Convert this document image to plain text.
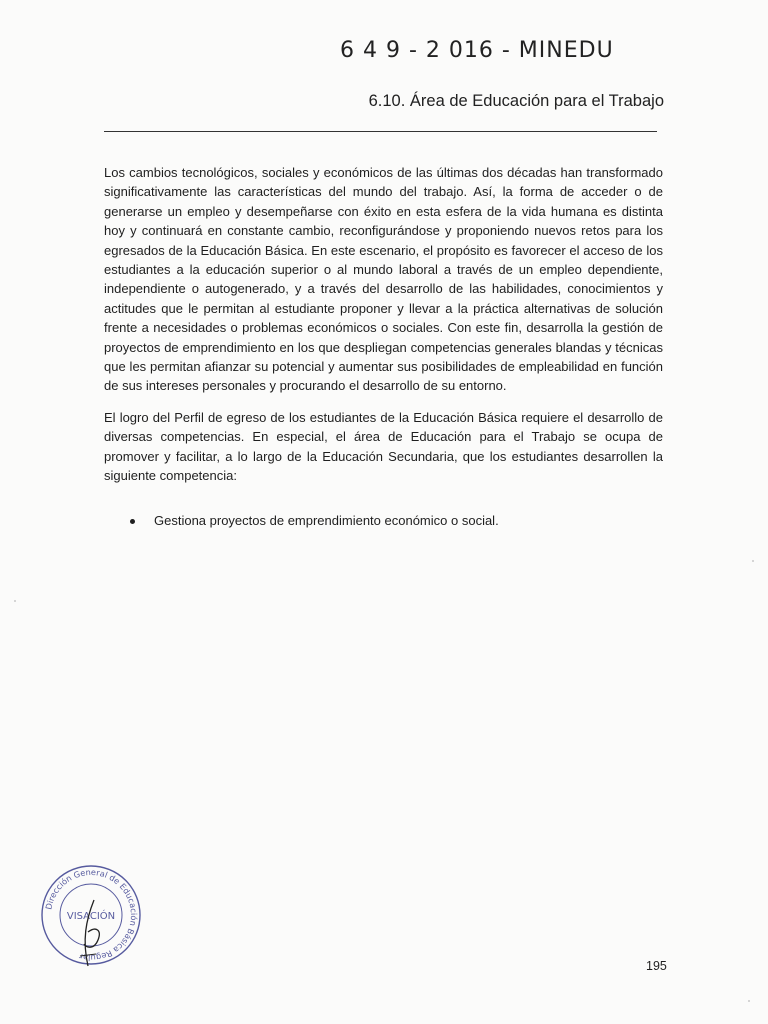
6 4 9 - 2 016 - MINEDU
6.10. Área de Educación para el Trabajo

Los cambios tecnológicos, sociales y económicos de las últimas dos décadas han transformado significativamente las características del mundo del trabajo. Así, la forma de acceder o de generarse un empleo y desempeñarse con éxito en esta esfera de la vida humana es distinta hoy y continuará en constante cambio, reconfigurándose y proponiendo nuevos retos para los egresados de la Educación Básica. En este escenario, el propósito es favorecer el acceso de los estudiantes a la educación superior o al mundo laboral a través de un empleo dependiente, independiente o autogenerado, y a través del desarrollo de las habilidades, conocimientos y actitudes que le permitan al estudiante proponer y llevar a la práctica alternativas de solución frente a necesidades o problemas económicos o sociales. Con este fin, desarrolla la gestión de proyectos de emprendimiento en los que despliegan competencias generales blandas y técnicas que les permitan afianzar su potencial y aumentar sus posibilidades de empleabilidad en función de sus intereses personales y procurando el desarrollo de su entorno.

El logro del Perfil de egreso de los estudiantes de la Educación Básica requiere el desarrollo de diversas competencias. En especial, el área de Educación para el Trabajo se ocupa de promover y facilitar, a lo largo de la Educación Secundaria, que los estudiantes desarrollen la siguiente competencia:

Gestiona proyectos de emprendimiento económico o social.
Dirección General de Educación Básica Regular
VISACIÓN
195
